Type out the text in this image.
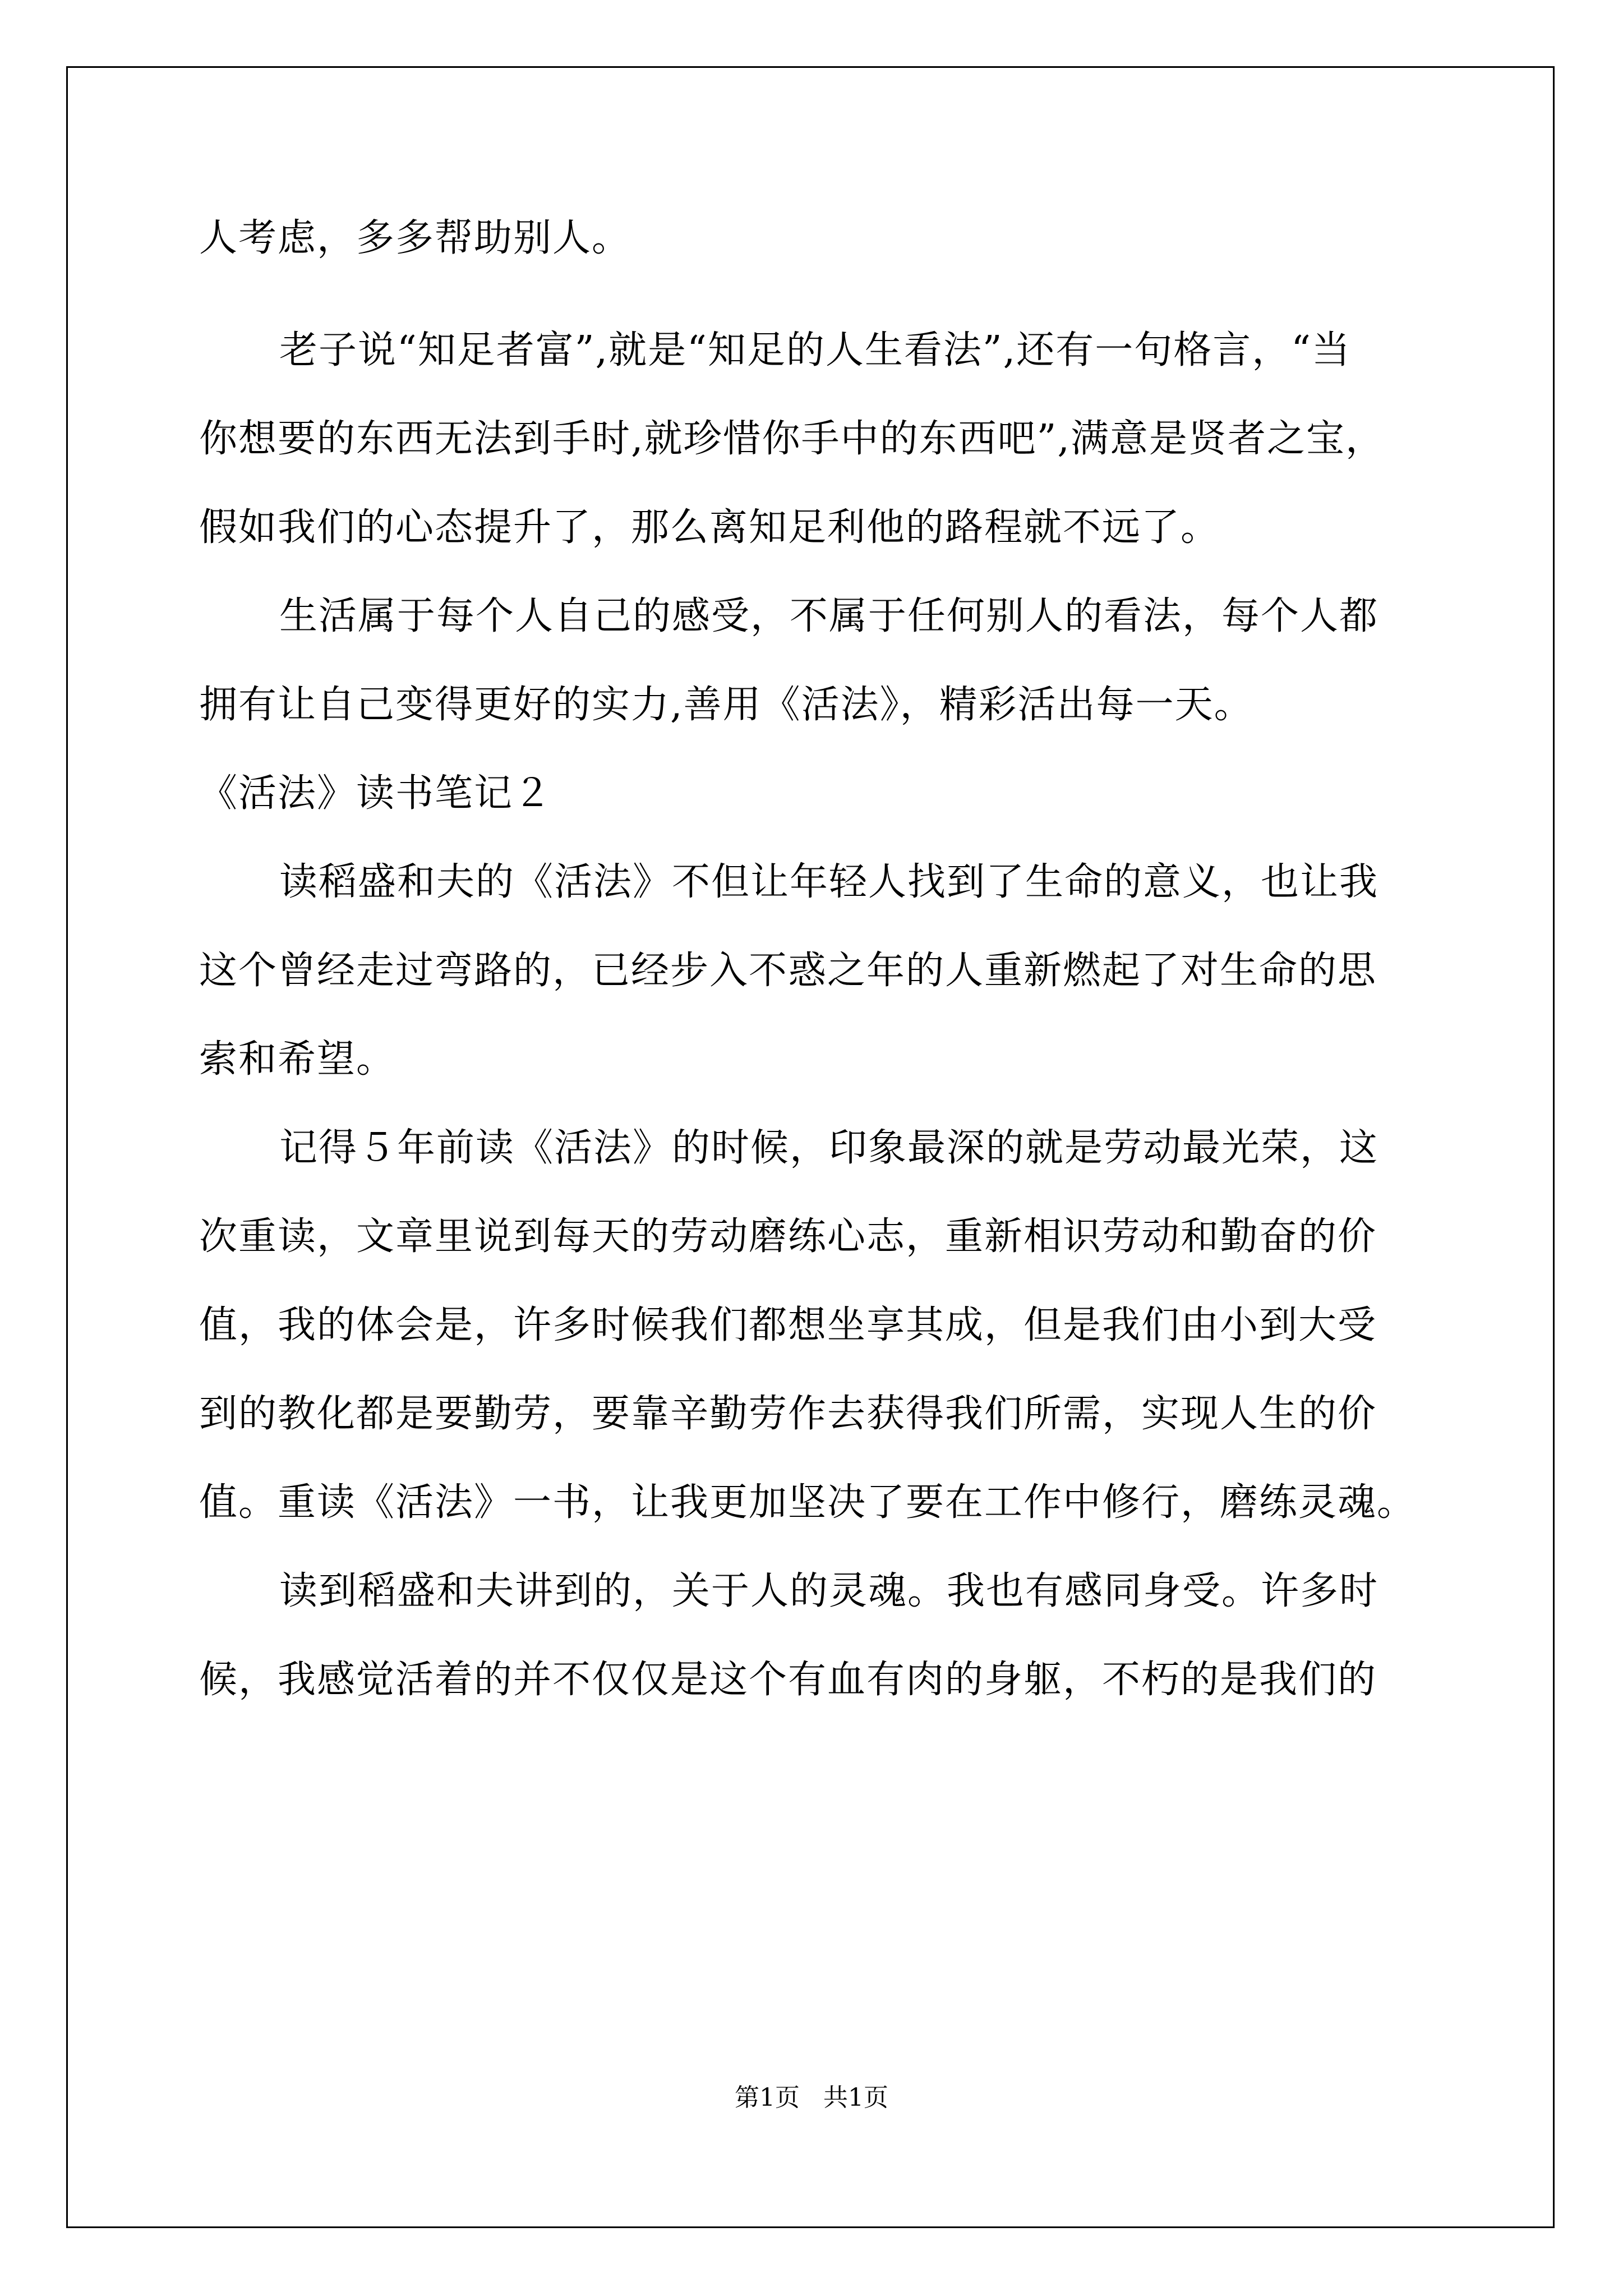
人考虑，多多帮助别人。
老子说“知足者富”,就是“知足的人生看法”,还有一句格言，“当
你想要的东西无法到手时,就珍惜你手中的东西吧”,满意是贤者之宝，
假如我们的心态提升了，那么离知足利他的路程就不远了。
生活属于每个人自己的感受，不属于任何别人的看法，每个人都
拥有让自己变得更好的实力,善用《活法》，精彩活出每一天。
《活法》读书笔记２
读稻盛和夫的《活法》不但让年轻人找到了生命的意义，也让我
这个曾经走过弯路的，已经步入不惑之年的人重新燃起了对生命的思
索和希望。
记得５年前读《活法》的时候，印象最深的就是劳动最光荣，这
次重读，文章里说到每天的劳动磨练心志，重新相识劳动和勤奋的价
值，我的体会是，许多时候我们都想坐享其成，但是我们由小到大受
到的教化都是要勤劳，要靠辛勤劳作去获得我们所需，实现人生的价
值。重读《活法》一书，让我更加坚决了要在工作中修行，磨练灵魂。
读到稻盛和夫讲到的，关于人的灵魂。我也有感同身受。许多时
候，我感觉活着的并不仅仅是这个有血有肉的身躯，不朽的是我们的
第1页   共1页
